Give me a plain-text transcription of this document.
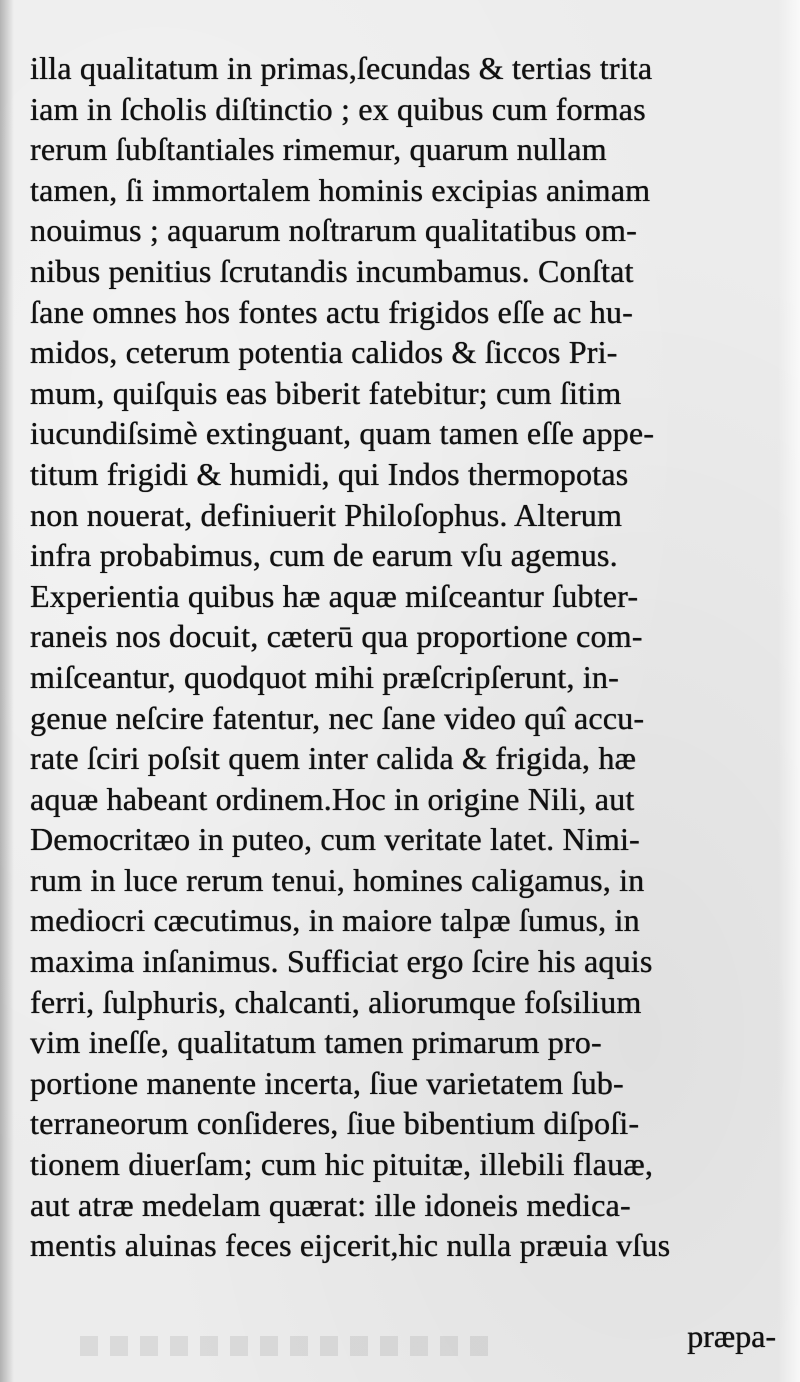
illa qualitatum in primas,ſecundas & tertias trita
iam in ſcholis diſtinctio ; ex quibus cum formas
rerum ſubſtantiales rimemur, quarum nullam
tamen, ſi immortalem hominis excipias animam
nouimus ; aquarum noſtrarum qualitatibus om-
nibus penitius ſcrutandis incumbamus. Conſtat
ſane omnes hos fontes actu frigidos eſſe ac hu-
midos, ceterum potentia calidos & ſiccos Pri-
mum, quiſquis eas biberit fatebitur; cum ſitim
iucundiſsimè extinguant, quam tamen eſſe appe-
titum frigidi & humidi, qui Indos thermopotas
non nouerat, definiuerit Philoſophus. Alterum
infra probabimus, cum de earum vſu agemus.
Experientia quibus hæ aquæ miſceantur ſubter-
raneis nos docuit, cæterū qua proportione com-
miſceantur, quodquot mihi præſcripſerunt, in-
genue neſcire fatentur, nec ſane video quî accu-
rate ſciri poſsit quem inter calida & frigida, hæ
aquæ habeant ordinem.Hoc in origine Nili, aut
Democritæo in puteo, cum veritate latet. Nimi-
rum in luce rerum tenui, homines caligamus, in
mediocri cæcutimus, in maiore talpæ ſumus, in
maxima inſanimus. Sufficiat ergo ſcire his aquis
ferri, ſulphuris, chalcanti, aliorumque foſsilium
vim ineſſe, qualitatum tamen primarum pro-
portione manente incerta, ſiue varietatem ſub-
terraneorum conſideres, ſiue bibentium diſpoſi-
tionem diuerſam; cum hic pituitæ, illebili flauæ,
aut atræ medelam quærat: ille idoneis medica-
mentis aluinas feces eijcerit,hic nulla præuia vſus
præpa-
